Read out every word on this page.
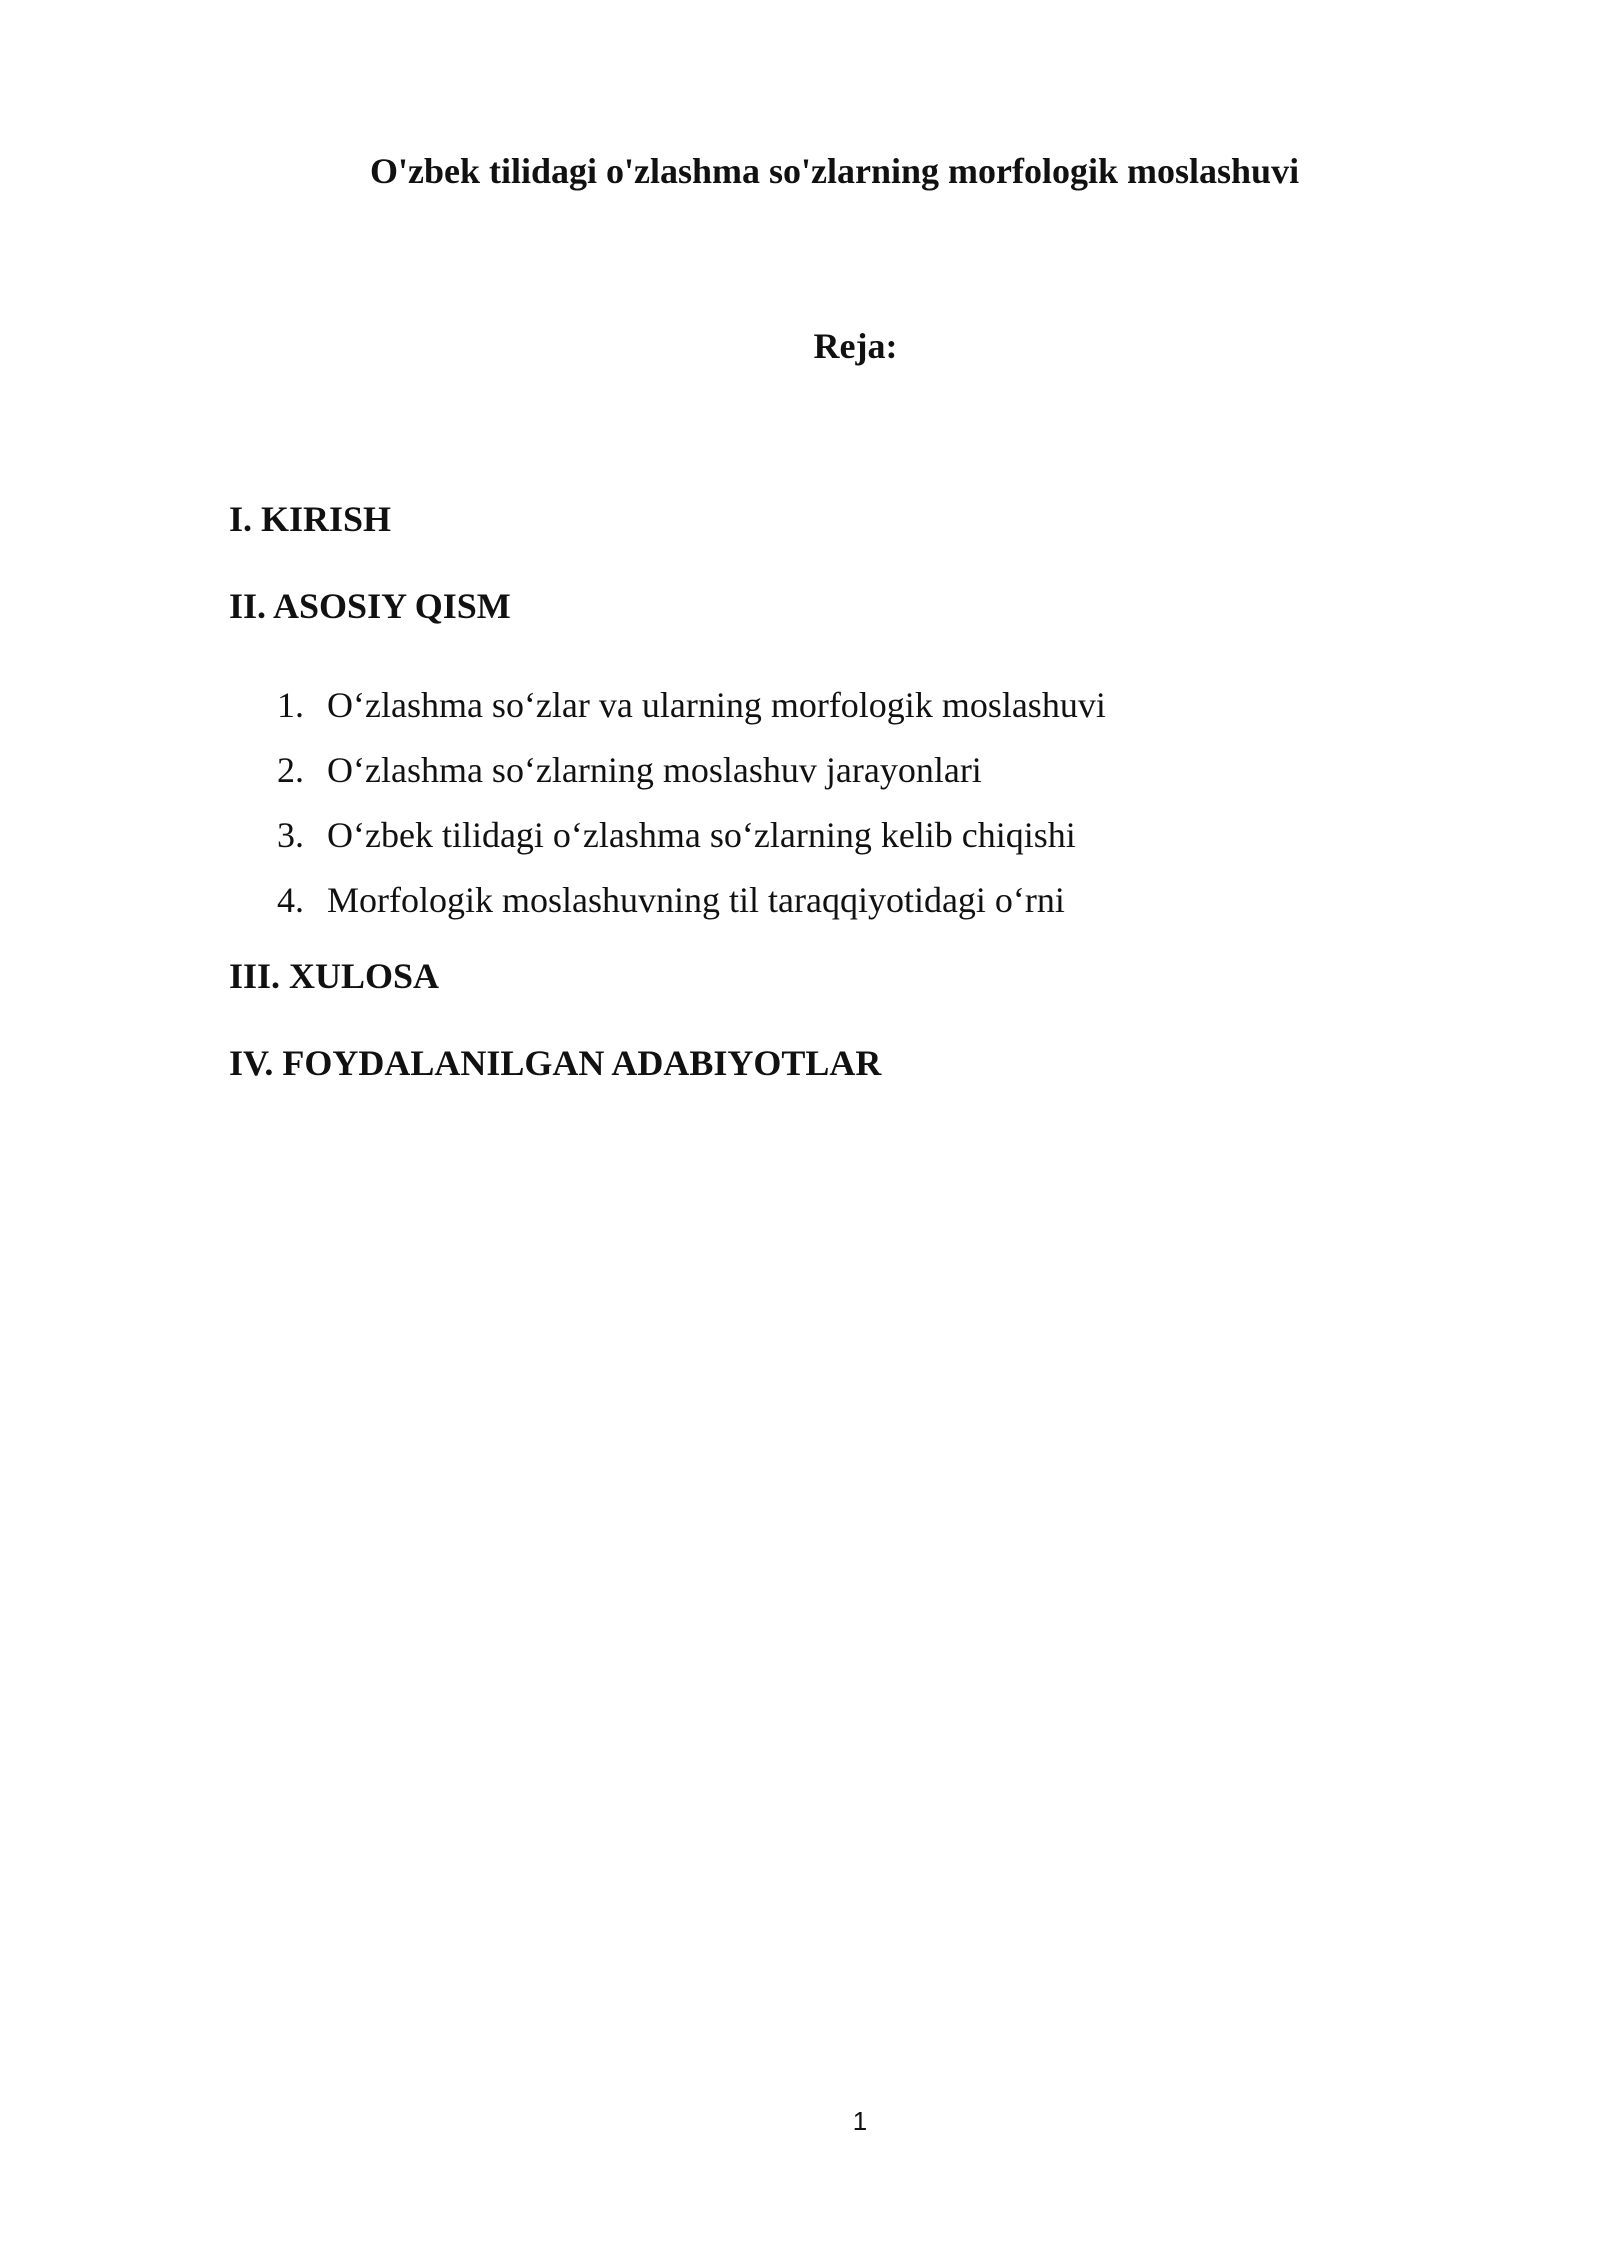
O'zbek tilidagi o'zlashma so'zlarning morfologik moslashuvi
Reja:

I. KIRISH

II. ASOSIY QISM

1. O‘zlashma so‘zlar va ularning morfologik moslashuvi
2. O‘zlashma so‘zlarning moslashuv jarayonlari
3. O‘zbek tilidagi o‘zlashma so‘zlarning kelib chiqishi
4. Morfologik moslashuvning til taraqqiyotidagi o‘rni

III. XULOSA

IV. FOYDALANILGAN ADABIYOTLAR

1
